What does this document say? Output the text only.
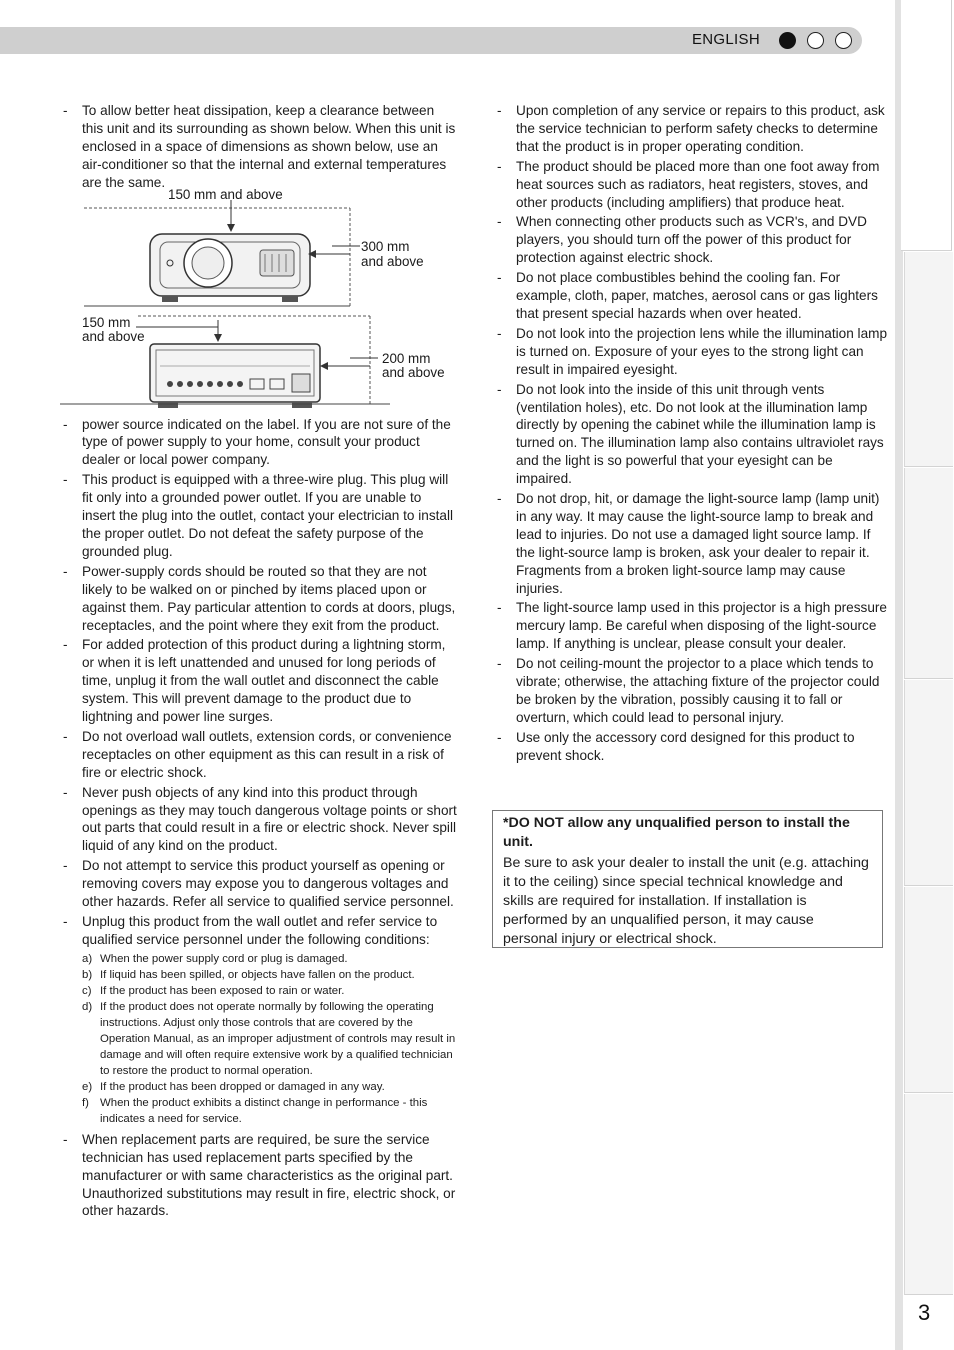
ENGLISH
3
- To allow better heat dissipation, keep a clearance between this unit and its surrounding as shown below. When this unit is enclosed in a space of dimensions as shown below, use an air-conditioner so that the internal and external temperatures are the same.
150 mm and above
300 mm
and above
150 mm
and above
200 mm
and above
- power source indicated on the label. If you are not sure of the type of power supply to your home, consult your product dealer or local power company.
- This product is equipped with a three-wire plug. This plug will fit only into a grounded power outlet. If you are unable to insert the plug into the outlet, contact your electrician to install the proper outlet. Do not defeat the safety purpose of the grounded plug.
- Power-supply cords should be routed so that they are not likely to be walked on or pinched by items placed upon or against them. Pay particular attention to cords at doors, plugs, receptacles, and the point where they exit from the product.
- For added protection of this product during a lightning storm, or when it is left unattended and unused for long periods of time, unplug it from the wall outlet and disconnect the cable system. This will prevent damage to the product due to lightning and power line surges.
- Do not overload wall outlets, extension cords, or convenience receptacles on other equipment as this can result in a risk of fire or electric shock.
- Never push objects of any kind into this product through openings as they may touch dangerous voltage points or short out parts that could result in a fire or electric shock. Never spill liquid of any kind on the product.
- Do not attempt to service this product yourself as opening or removing covers may expose you to dangerous voltages and other hazards. Refer all service to qualified service personnel.
- Unplug this product from the wall outlet and refer service to qualified service personnel under the following conditions:
a) When the power supply cord or plug is damaged.
b) If liquid has been spilled, or objects have fallen on the product.
c) If the product has been exposed to rain or water.
d) If the product does not operate normally by following the operating instructions. Adjust only those controls that are covered by the Operation Manual, as an improper adjustment of controls may result in damage and will often require extensive work by a qualified technician to restore the product to normal operation.
e) If the product has been dropped or damaged in any way.
f) When the product exhibits a distinct change in performance - this indicates a need for service.
- When replacement parts are required, be sure the service technician has used replacement parts specified by the manufacturer or with same characteristics as the original part. Unauthorized substitutions may result in fire, electric shock, or other hazards.
- Upon completion of any service or repairs to this product, ask the service technician to perform safety checks to determine that the product is in proper operating condition.
- The product should be placed more than one foot away from heat sources such as radiators, heat registers, stoves, and other products (including amplifiers) that produce heat.
- When connecting other products such as VCR's, and DVD players, you should turn off the power of this product for protection against electric shock.
- Do not place combustibles behind the cooling fan. For example, cloth, paper, matches, aerosol cans or gas lighters that present special hazards when over heated.
- Do not look into the projection lens while the illumination lamp is turned on. Exposure of your eyes to the strong light can result in impaired eyesight.
- Do not look into the inside of this unit through vents (ventilation holes), etc. Do not look at the illumination lamp directly by opening the cabinet while the illumination lamp is turned on. The illumination lamp also contains ultraviolet rays and the light is so powerful that your eyesight can be impaired.
- Do not drop, hit, or damage the light-source lamp (lamp unit) in any way. It may cause the light-source lamp to break and lead to injuries. Do not use a damaged light source lamp. If the light-source lamp is broken, ask your dealer to repair it. Fragments from a broken light-source lamp may cause injuries.
- The light-source lamp used in this projector is a high pressure mercury lamp. Be careful when disposing of the light-source lamp. If anything is unclear, please consult your dealer.
- Do not ceiling-mount the projector to a place which tends to vibrate; otherwise, the attaching fixture of the projector could be broken by the vibration, possibly causing it to fall or overturn, which could lead to personal injury.
- Use only the accessory cord designed for this product to prevent shock.
*DO NOT allow any unqualified person to install the unit.
Be sure to ask your dealer to install the unit (e.g. attaching it to the ceiling) since special technical knowledge and skills are required for installation. If installation is performed by an unqualified person, it may cause personal injury or electrical shock.
